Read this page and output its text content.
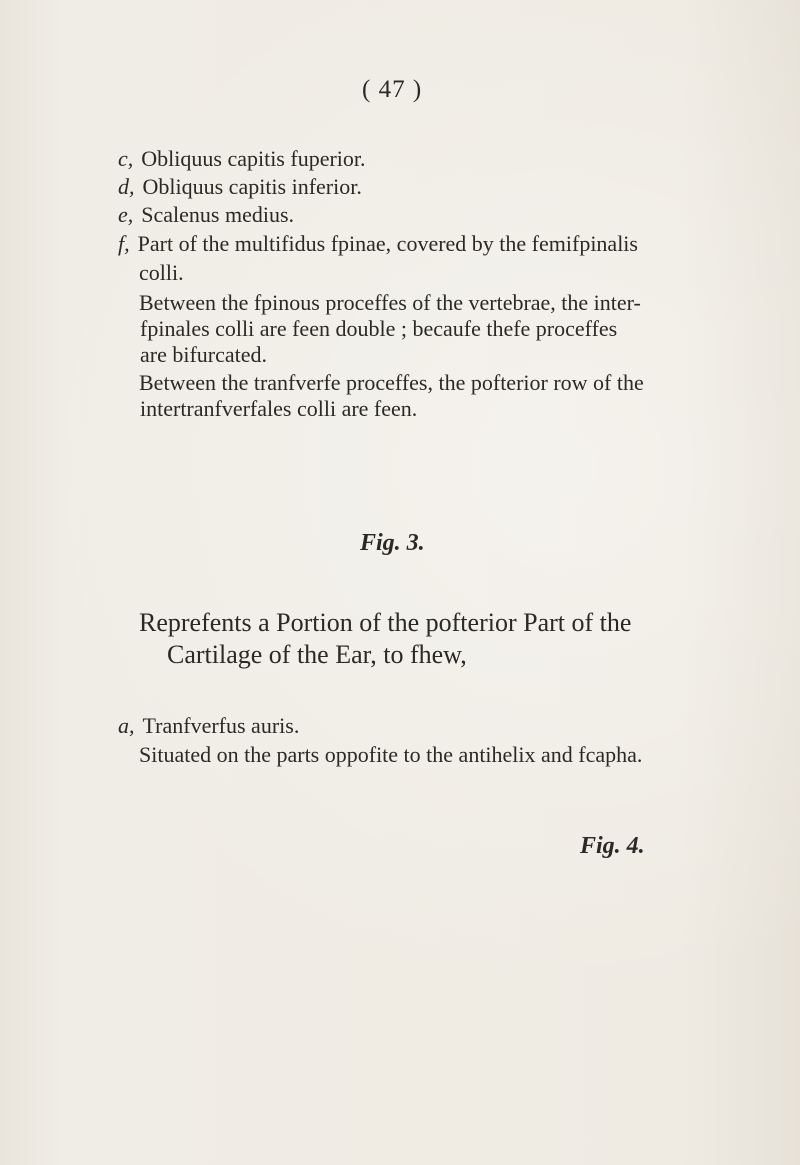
( 47 )
c, Obliquus capitis fuperior.
d, Obliquus capitis inferior.
e, Scalenus medius.
f, Part of the multifidus fpinae, covered by the femifpinalis
colli.
Between the fpinous proceffes of the vertebrae, the inter-
fpinales colli are feen double ; becaufe thefe proceffes
are bifurcated.
Between the tranfverfe proceffes, the pofterior row of the
intertranfverfales colli are feen.
Fig. 3.
Reprefents a Portion of the pofterior Part of the
Cartilage of the Ear, to fhew,
a, Tranfverfus auris.
Situated on the parts oppofite to the antihelix and fcapha.
Fig. 4.
